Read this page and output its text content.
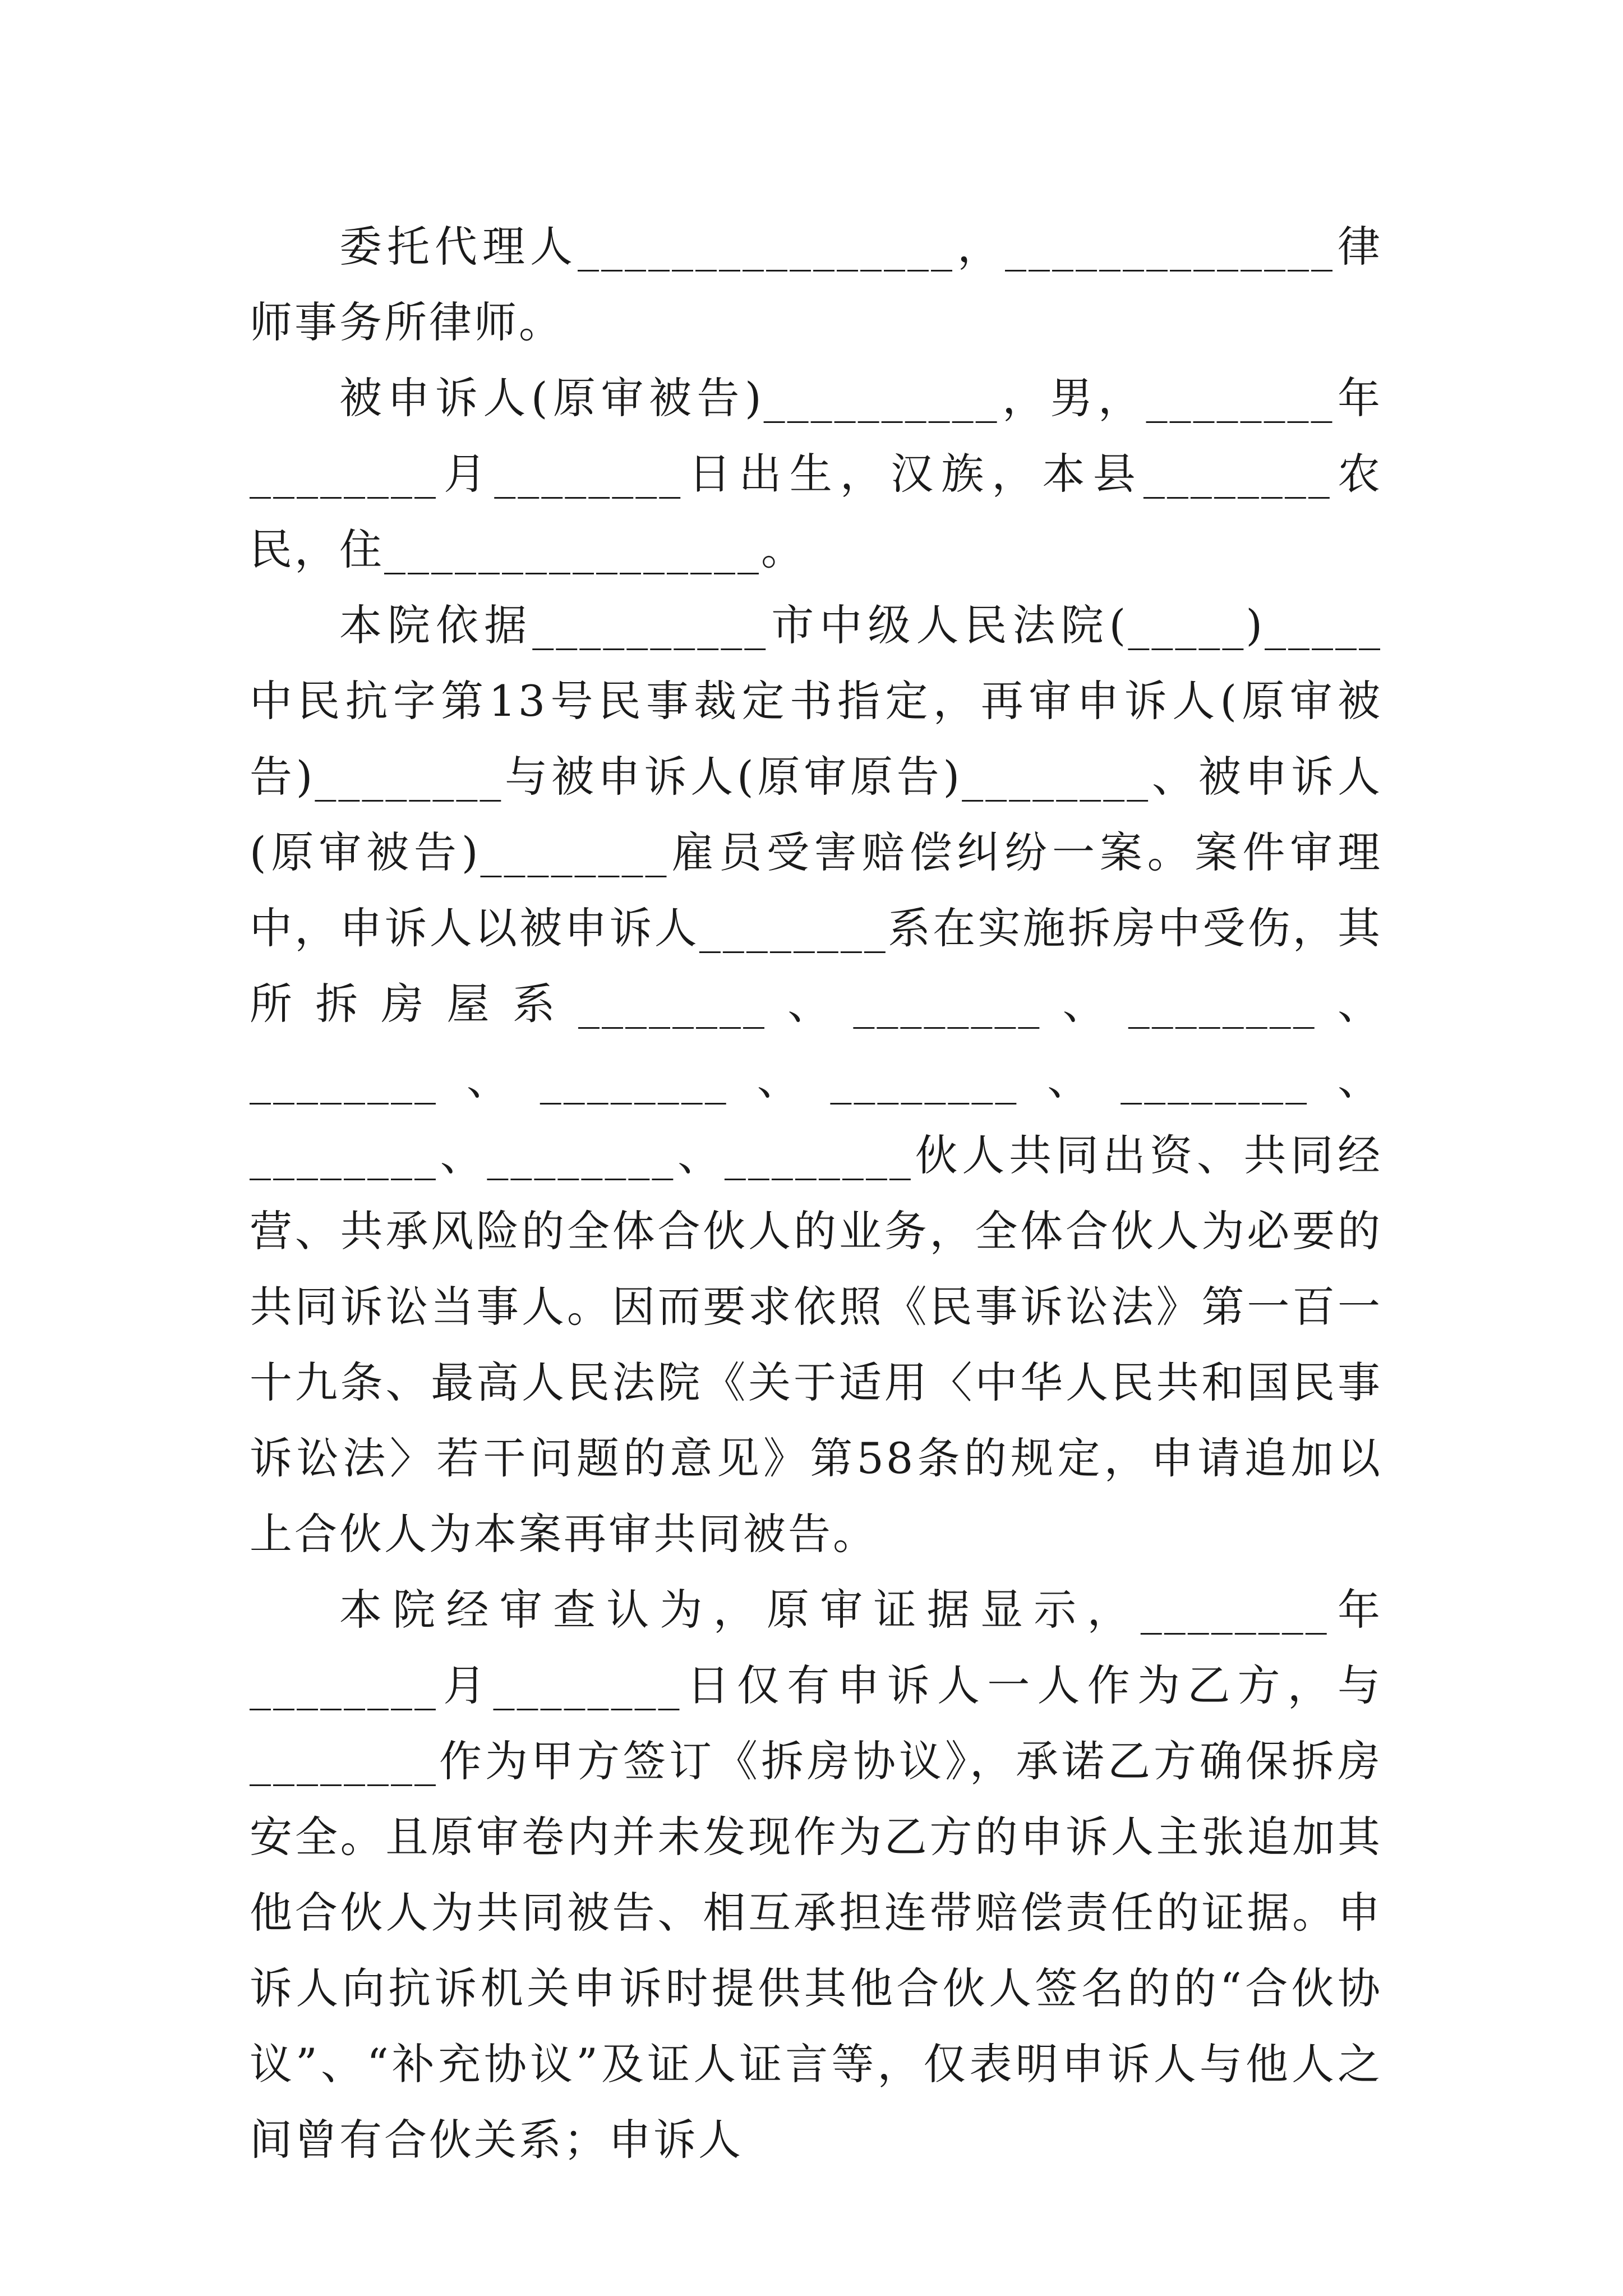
委托代理人________________，______________律师事务所律师。

被申诉人(原审被告)__________，男，________年________月________日出生，汉族，本县________农民，住________________。

本院依据__________市中级人民法院(_____)_____中民抗字第13号民事裁定书指定，再审申诉人(原审被告)________与被申诉人(原审原告)________、被申诉人(原审被告)________雇员受害赔偿纠纷一案。案件审理中，申诉人以被申诉人________系在实施拆房中受伤，其所拆房屋系________、________、________、________、________、________、________、________、________、________伙人共同出资、共同经营、共承风险的全体合伙人的业务，全体合伙人为必要的共同诉讼当事人。因而要求依照《民事诉讼法》第一百一十九条、最高人民法院《关于适用〈中华人民共和国民事诉讼法〉若干问题的意见》第58条的规定，申请追加以上合伙人为本案再审共同被告。

本院经审查认为，原审证据显示，________年________月________日仅有申诉人一人作为乙方，与________作为甲方签订《拆房协议》，承诺乙方确保拆房安全。且原审卷内并未发现作为乙方的申诉人主张追加其他合伙人为共同被告、相互承担连带赔偿责任的证据。申诉人向抗诉机关申诉时提供其他合伙人签名的的“合伙协议”、“补充协议”及证人证言等，仅表明申诉人与他人之间曾有合伙关系；申诉人
